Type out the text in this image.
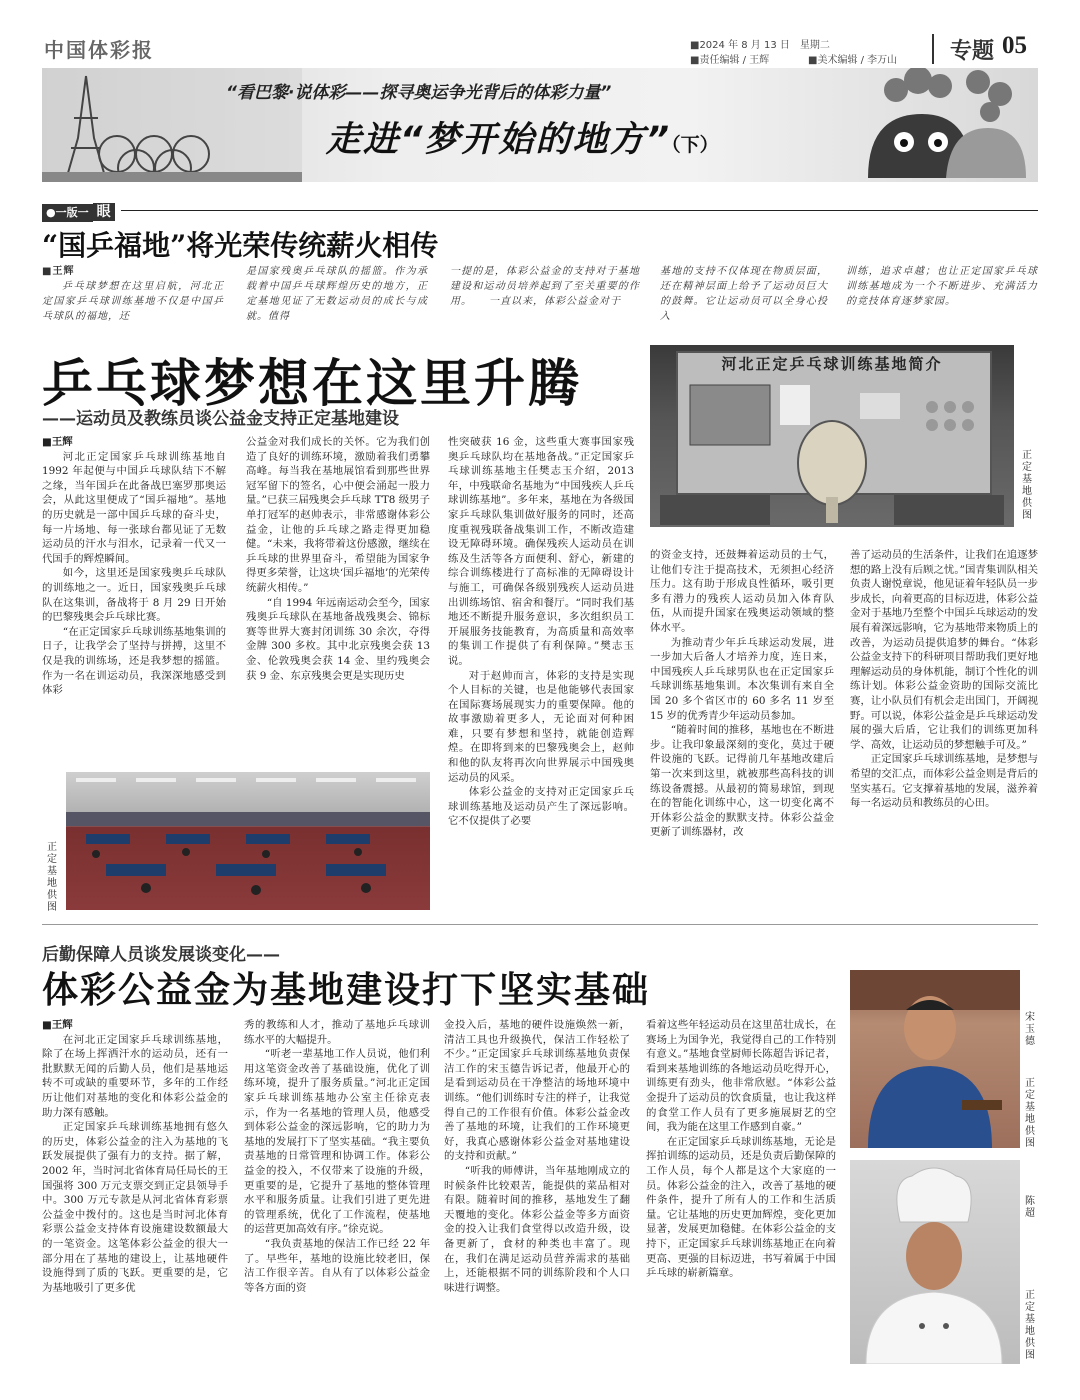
中国体彩报	■2024 年 8 月 13 日　星期二
■责任编辑 / 王辉	■美术编辑 / 李万山 专题 05
“看巴黎·说体彩——探寻奥运争光背后的体彩力量”
走进“梦开始的地方”（下）
●一版一 眼
“国乒福地”将光荣传统薪火相传

■王辉

乒乓球梦想在这里启航，河北正定国家乒乓球训练基地不仅是中国乒乓球队的福地，还

是国家残奥乒乓球队的摇篮。作为承载着中国乒乓球辉煌历史的地方，正定基地见证了无数运动员的成长与成就。值得

一提的是，体彩公益金的支持对于基地建设和运动员培养起到了至关重要的作用。　　一直以来，体彩公益金对于

基地的支持不仅体现在物质层面，还在精神层面上给予了运动员巨大的鼓舞。它让运动员可以全身心投入

训练，追求卓越；也让正定国家乒乓球训练基地成为一个不断进步、充满活力的竞技体育逐梦家园。

乒乓球梦想在这里升腾
——运动员及教练员谈公益金支持正定基地建设
河北正定乒乓球训练基地简介
正定基地供图

■王辉

河北正定国家乒乓球训练基地自 1992 年起便与中国乒乓球队结下不解之缘，当年国乒在此备战巴塞罗那奥运会，从此这里便成了“国乒福地”。基地的历史就是一部中国乒乓球的奋斗史，每一片场地、每一张球台都见证了无数运动员的汗水与泪水，记录着一代又一代国手的辉煌瞬间。

如今，这里还是国家残奥乒乓球队的训练地之一。近日，国家残奥乒乓球队在这集训，备战将于 8 月 29 日开始的巴黎残奥会乒乓球比赛。

“在正定国家乒乓球训练基地集训的日子，让我学会了坚持与拼搏，这里不仅是我的训练场，还是我梦想的摇篮。作为一名在训运动员，我深深地感受到体彩

公益金对我们成长的关怀。它为我们创造了良好的训练环境，激励着我们勇攀高峰。每当我在基地展馆看到那些世界冠军留下的签名，心中便会涌起一股力量。”已获三届残奥会乒乓球 TT8 级男子单打冠军的赵帅表示，非常感谢体彩公益金，让他的乒乓球之路走得更加稳健。“未来，我将带着这份感激，继续在乒乓球的世界里奋斗，希望能为国家争得更多荣誉，让这块‘国乒福地’的光荣传统薪火相传。”

“自 1994 年远南运动会至今，国家残奥乒乓球队在基地备战残奥会、锦标赛等世界大赛封闭训练 30 余次，夺得金牌 300 多枚。其中北京残奥会获 13 金、伦敦残奥会获 14 金、里约残奥会获 9 金、东京残奥会更是实现历史

性突破获 16 金，这些重大赛事国家残奥乒乓球队均在基地备战。”正定国家乒乓球训练基地主任樊志玉介绍，2013 年，中残联命名基地为“中国残疾人乒乓球训练基地”。多年来，基地在为各级国家乒乓球队集训做好服务的同时，还高度重视残联备战集训工作，不断改造建设无障碍环境。确保残疾人运动员在训练及生活等各方面便利、舒心，新建的综合训练楼进行了高标准的无障碍设计与施工，可确保各级别残疾人运动员进出训练场馆、宿舍和餐厅。“同时我们基地还不断提升服务意识，多次组织员工开展服务技能教育，为高质量和高效率的集训工作提供了有利保障。”樊志玉说。

对于赵帅而言，体彩的支持是实现个人目标的关键，也是他能够代表国家在国际赛场展现实力的重要保障。他的故事激励着更多人，无论面对何种困难，只要有梦想和坚持，就能创造辉煌。在即将到来的巴黎残奥会上，赵帅和他的队友将再次向世界展示中国残奥运动员的风采。

体彩公益金的支持对正定国家乒乓球训练基地及运动员产生了深远影响。它不仅提供了必要

的资金支持，还鼓舞着运动员的士气，让他们专注于提高技术，无须担心经济压力。这有助于形成良性循环，吸引更多有潜力的残疾人运动员加入体育队伍，从而提升国家在残奥运动领域的整体水平。

为推动青少年乒乓球运动发展，进一步加大后备人才培养力度，连日来，中国残疾人乒乓球男队也在正定国家乒乓球训练基地集训。本次集训有来自全国 20 多个省区市的 60 多名 11 岁至 15 岁的优秀青少年运动员参加。

“随着时间的推移，基地也在不断进步。让我印象最深刻的变化，莫过于硬件设施的飞跃。记得前几年基地改建后第一次来到这里，就被那些高科技的训练设备震撼。从最初的简易球馆，到现在的智能化训练中心，这一切变化离不开体彩公益金的默默支持。体彩公益金更新了训练器材，改

善了运动员的生活条件，让我们在追逐梦想的路上没有后顾之忧。”国青集训队相关负责人谢悦章说，他见证着年轻队员一步步成长，向着更高的目标迈进，体彩公益金对于基地乃至整个中国乒乓球运动的发展有着深远影响，它为基地带来物质上的改善，为运动员提供追梦的舞台。“体彩公益金支持下的科研项目帮助我们更好地理解运动员的身体机能，制订个性化的训练计划。体彩公益金资助的国际交流比赛，让小队员们有机会走出国门，开阔视野。可以说，体彩公益金是乒乓球运动发展的强大后盾，它让我们的训练更加科学、高效，让运动员的梦想触手可及。”

正定国家乒乓球训练基地，是梦想与希望的交汇点，而体彩公益金则是背后的坚实基石。它支撑着基地的发展，滋养着每一名运动员和教练员的心田。

正定基地供图
后勤保障人员谈发展谈变化——
体彩公益金为基地建设打下坚实基础

■王辉

在河北正定国家乒乓球训练基地，除了在场上挥洒汗水的运动员，还有一批默默无闻的后勤人员，他们是基地运转不可或缺的重要环节，多年的工作经历让他们对基地的变化和体彩公益金的助力深有感触。

正定国家乒乓球训练基地拥有悠久的历史，体彩公益金的注入为基地的飞跃发展提供了强有力的支持。据了解，2002 年，当时河北省体育局任局长的王国强将 300 万元支票交到正定县领导手中。300 万元专款是从河北省体育彩票公益金中拨付的。这也是当时河北体育彩票公益金支持体育设施建设数额最大的一笔资金。这笔体彩公益金的很大一部分用在了基地的建设上，让基地硬件设施得到了质的飞跃。更重要的是，它为基地吸引了更多优

秀的教练和人才，推动了基地乒乓球训练水平的大幅提升。

“听老一辈基地工作人员说，他们利用这笔资金改善了基础设施，优化了训练环境，提升了服务质量。”河北正定国家乒乓球训练基地办公室主任徐克表示，作为一名基地的管理人员，他感受到体彩公益金的深远影响，它的助力为基地的发展打下了坚实基础。“我主要负责基地的日常管理和协调工作。体彩公益金的投入，不仅带来了设施的升级，更重要的是，它提升了基地的整体管理水平和服务质量。让我们引进了更先进的管理系统，优化了工作流程，使基地的运营更加高效有序。”徐克说。

“我负责基地的保洁工作已经 22 年了。早些年，基地的设施比较老旧，保洁工作很辛苦。自从有了以体彩公益金等各方面的资

金投入后，基地的硬件设施焕然一新，清洁工具也升级换代，保洁工作轻松了不少。”正定国家乒乓球训练基地负责保洁工作的宋玉德告诉记者，他最开心的是看到运动员在干净整洁的场地环境中训练。“他们训练时专注的样子，让我觉得自己的工作很有价值。体彩公益金改善了基地的环境，让我们的工作环境更好，我真心感谢体彩公益金对基地建设的支持和贡献。”

“听我的师傅讲，当年基地刚成立的时候条件比较艰苦，能提供的菜品相对有限。随着时间的推移，基地发生了翻天覆地的变化。体彩公益金等多方面资金的投入让我们食堂得以改造升级，设备更新了，食材的种类也丰富了。现在，我们在满足运动员营养需求的基础上，还能根据不同的训练阶段和个人口味进行调整。

看着这些年轻运动员在这里茁壮成长，在赛场上为国争光，我觉得自己的工作特别有意义。”基地食堂厨师长陈超告诉记者，看到来基地训练的各地运动员吃得开心，训练更有劲头，他非常欣慰。“体彩公益金提升了运动员的饮食质量，也让我这样的食堂工作人员有了更多施展厨艺的空间，我为能在这里工作感到自豪。”

在正定国家乒乓球训练基地，无论是挥拍训练的运动员，还是负责后勤保障的工作人员，每个人都是这个大家庭的一员。体彩公益金的注入，改善了基地的硬件条件，提升了所有人的工作和生活质量。它让基地的历史更加辉煌，变化更加显著，发展更加稳健。在体彩公益金的支持下，正定国家乒乓球训练基地正在向着更高、更强的目标迈进，书写着属于中国乒乓球的崭新篇章。

宋玉德
正定基地供图
陈超
正定基地供图
